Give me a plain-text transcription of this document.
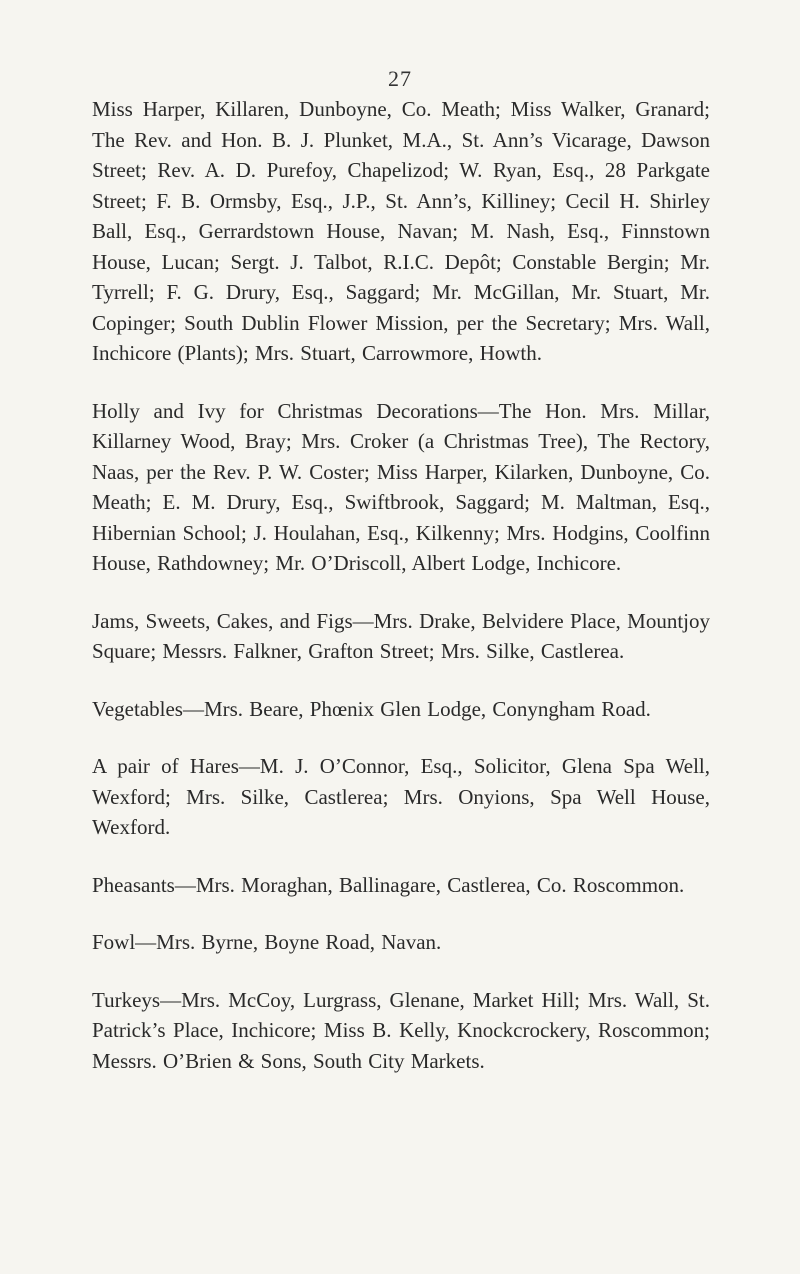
27

Miss Harper, Killaren, Dunboyne, Co. Meath; Miss Walker, Granard; The Rev. and Hon. B. J. Plunket, M.A., St. Ann’s Vicarage, Dawson Street; Rev. A. D. Purefoy, Chapelizod; W. Ryan, Esq., 28 Parkgate Street; F. B. Ormsby, Esq., J.P., St. Ann’s, Killiney; Cecil H. Shirley Ball, Esq., Gerrardstown House, Navan; M. Nash, Esq., Finnstown House, Lucan; Sergt. J. Talbot, R.I.C. Depôt; Constable Bergin; Mr. Tyrrell; F. G. Drury, Esq., Saggard; Mr. McGillan, Mr. Stuart, Mr. Copinger; South Dublin Flower Mission, per the Secretary; Mrs. Wall, Inchicore (Plants); Mrs. Stuart, Carrowmore, Howth.

Holly and Ivy for Christmas Decorations—The Hon. Mrs. Millar, Killarney Wood, Bray; Mrs. Croker (a Christmas Tree), The Rectory, Naas, per the Rev. P. W. Coster; Miss Harper, Kilarken, Dunboyne, Co. Meath; E. M. Drury, Esq., Swiftbrook, Saggard; M. Maltman, Esq., Hibernian School; J. Houlahan, Esq., Kilkenny; Mrs. Hodgins, Coolfinn House, Rathdowney; Mr. O’Driscoll, Albert Lodge, Inchicore.

Jams, Sweets, Cakes, and Figs—Mrs. Drake, Belvidere Place, Mountjoy Square; Messrs. Falkner, Grafton Street; Mrs. Silke, Castlerea.

Vegetables—Mrs. Beare, Phœnix Glen Lodge, Conyngham Road.

A pair of Hares—M. J. O’Connor, Esq., Solicitor, Glena Spa Well, Wexford; Mrs. Silke, Castlerea; Mrs. Onyions, Spa Well House, Wexford.

Pheasants—Mrs. Moraghan, Ballinagare, Castlerea, Co. Roscommon.

Fowl—Mrs. Byrne, Boyne Road, Navan.

Turkeys—Mrs. McCoy, Lurgrass, Glenane, Market Hill; Mrs. Wall, St. Patrick’s Place, Inchicore; Miss B. Kelly, Knockcrockery, Roscommon; Messrs. O’Brien & Sons, South City Markets.
